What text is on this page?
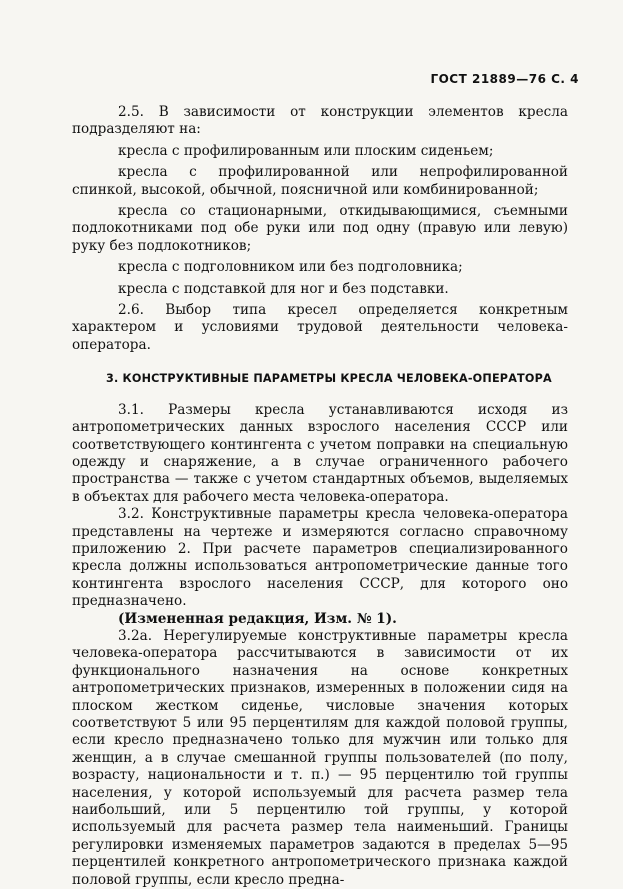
ГОСТ 21889—76 С. 4

2.5. В зависимости от конструкции элементов кресла подразделяют на:

кресла с профилированным или плоским сиденьем;

кресла с профилированной или непрофилированной спинкой, высокой, обычной, поясничной или комбинированной;

кресла со стационарными, откидывающимися, съемными подлокотниками под обе руки или под одну (правую или левую) руку без подлокотников;

кресла с подголовником или без подголовника;

кресла с подставкой для ног и без подставки.

2.6. Выбор типа кресел определяется конкретным характером и условиями трудовой деятельности человека-оператора.

3. КОНСТРУКТИВНЫЕ ПАРАМЕТРЫ КРЕСЛА ЧЕЛОВЕКА-ОПЕРАТОРА

3.1. Размеры кресла устанавливаются исходя из антропометрических данных взрослого населения СССР или соответствующего контингента с учетом поправки на специальную одежду и снаряжение, а в случае ограниченного рабочего пространства — также с учетом стандартных объемов, выделяемых в объектах для рабочего места человека-оператора.

3.2. Конструктивные параметры кресла человека-оператора представлены на чертеже и измеряются согласно справочному приложению 2. При расчете параметров специализированного кресла должны использоваться антропометрические данные того контингента взрослого населения СССР, для которого оно предназначено.

(Измененная редакция, Изм. № 1).

3.2а. Нерегулируемые конструктивные параметры кресла человека-оператора рассчитываются в зависимости от их функционального назначения на основе конкретных антропометрических признаков, измеренных в положении сидя на плоском жестком сиденье, числовые значения которых соответствуют 5 или 95 перцентилям для каждой половой группы, если кресло предназначено только для мужчин или только для женщин, а в случае смешанной группы пользователей (по полу, возрасту, национальности и т. п.) — 95 перцентилю той группы населения, у которой используемый для расчета размер тела наибольший, или 5 перцентилю той группы, у которой используемый для расчета размер тела наименьший. Границы регулировки изменяемых параметров задаются в пределах 5—95 перцентилей конкретного антропометрического признака каждой половой группы, если кресло предна-
